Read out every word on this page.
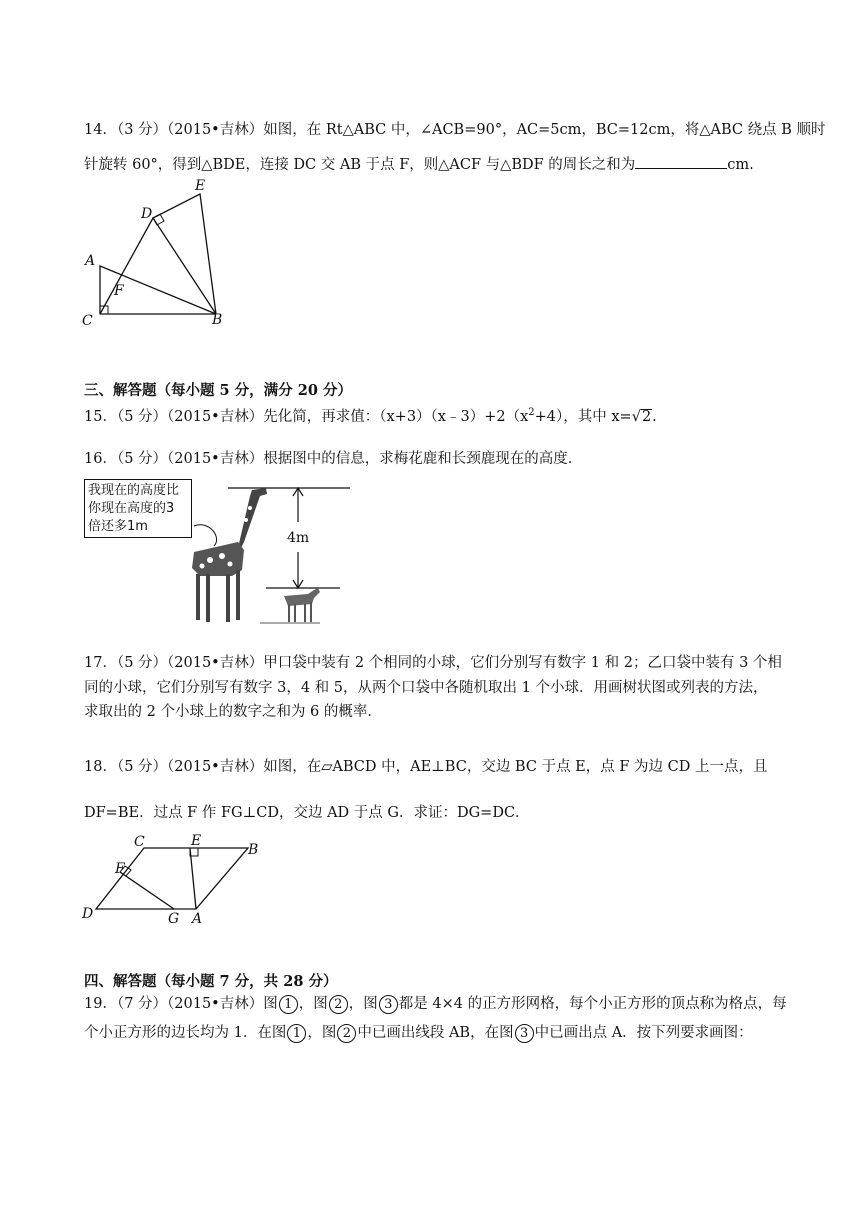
14．（3 分）（2015•吉林）如图，在 Rt△ABC 中，∠ACB=90°，AC=5cm，BC=12cm，将△ABC 绕点 B 顺时
针旋转 60°，得到△BDE，连接 DC 交 AB 于点 F，则△ACF 与△BDF 的周长之和为	cm.
E
D
A
F
C	B
三、解答题（每小题 5 分，满分 20 分）
15．（5 分）（2015•吉林）先化简，再求值：$(x+3)(x﹣3)+2(x^2+4)$，其中 x=√2.
16．（5 分）（2015•吉林）根据图中的信息，求梅花鹿和长颈鹿现在的高度．
我现在的高度比
你现在高度的3
倍还多1m
4m
17．（5 分）（2015•吉林）甲口袋中装有 2 个相同的小球，它们分别写有数字 1 和 2；乙口袋中装有 3 个相
同的小球，它们分别写有数字 3，4 和 5，从两个口袋中各随机取出 1 个小球．用画树状图或列表的方法，
求取出的 2 个小球上的数字之和为 6 的概率．
18．（5 分）（2015•吉林）如图，在▱ABCD 中，AE⊥BC，交边 BC 于点 E，点 F 为边 CD 上一点，且
DF=BE．过点 F 作 FG⊥CD，交边 AD 于点 G．求证：DG=DC．
C	E
B
F
D	G A
四、解答题（每小题 7 分，共 28 分）
19．（7 分）（2015•吉林）图 1 ，图 2 ，图 3 都是 4×4 的正方形网格，每个小正方形的顶点称为格点，每
个小正方形的边长均为 1．在图 1 ，图 2 中已画出线段 AB，在图 3 中已画出点 A．按下列要求画图：
